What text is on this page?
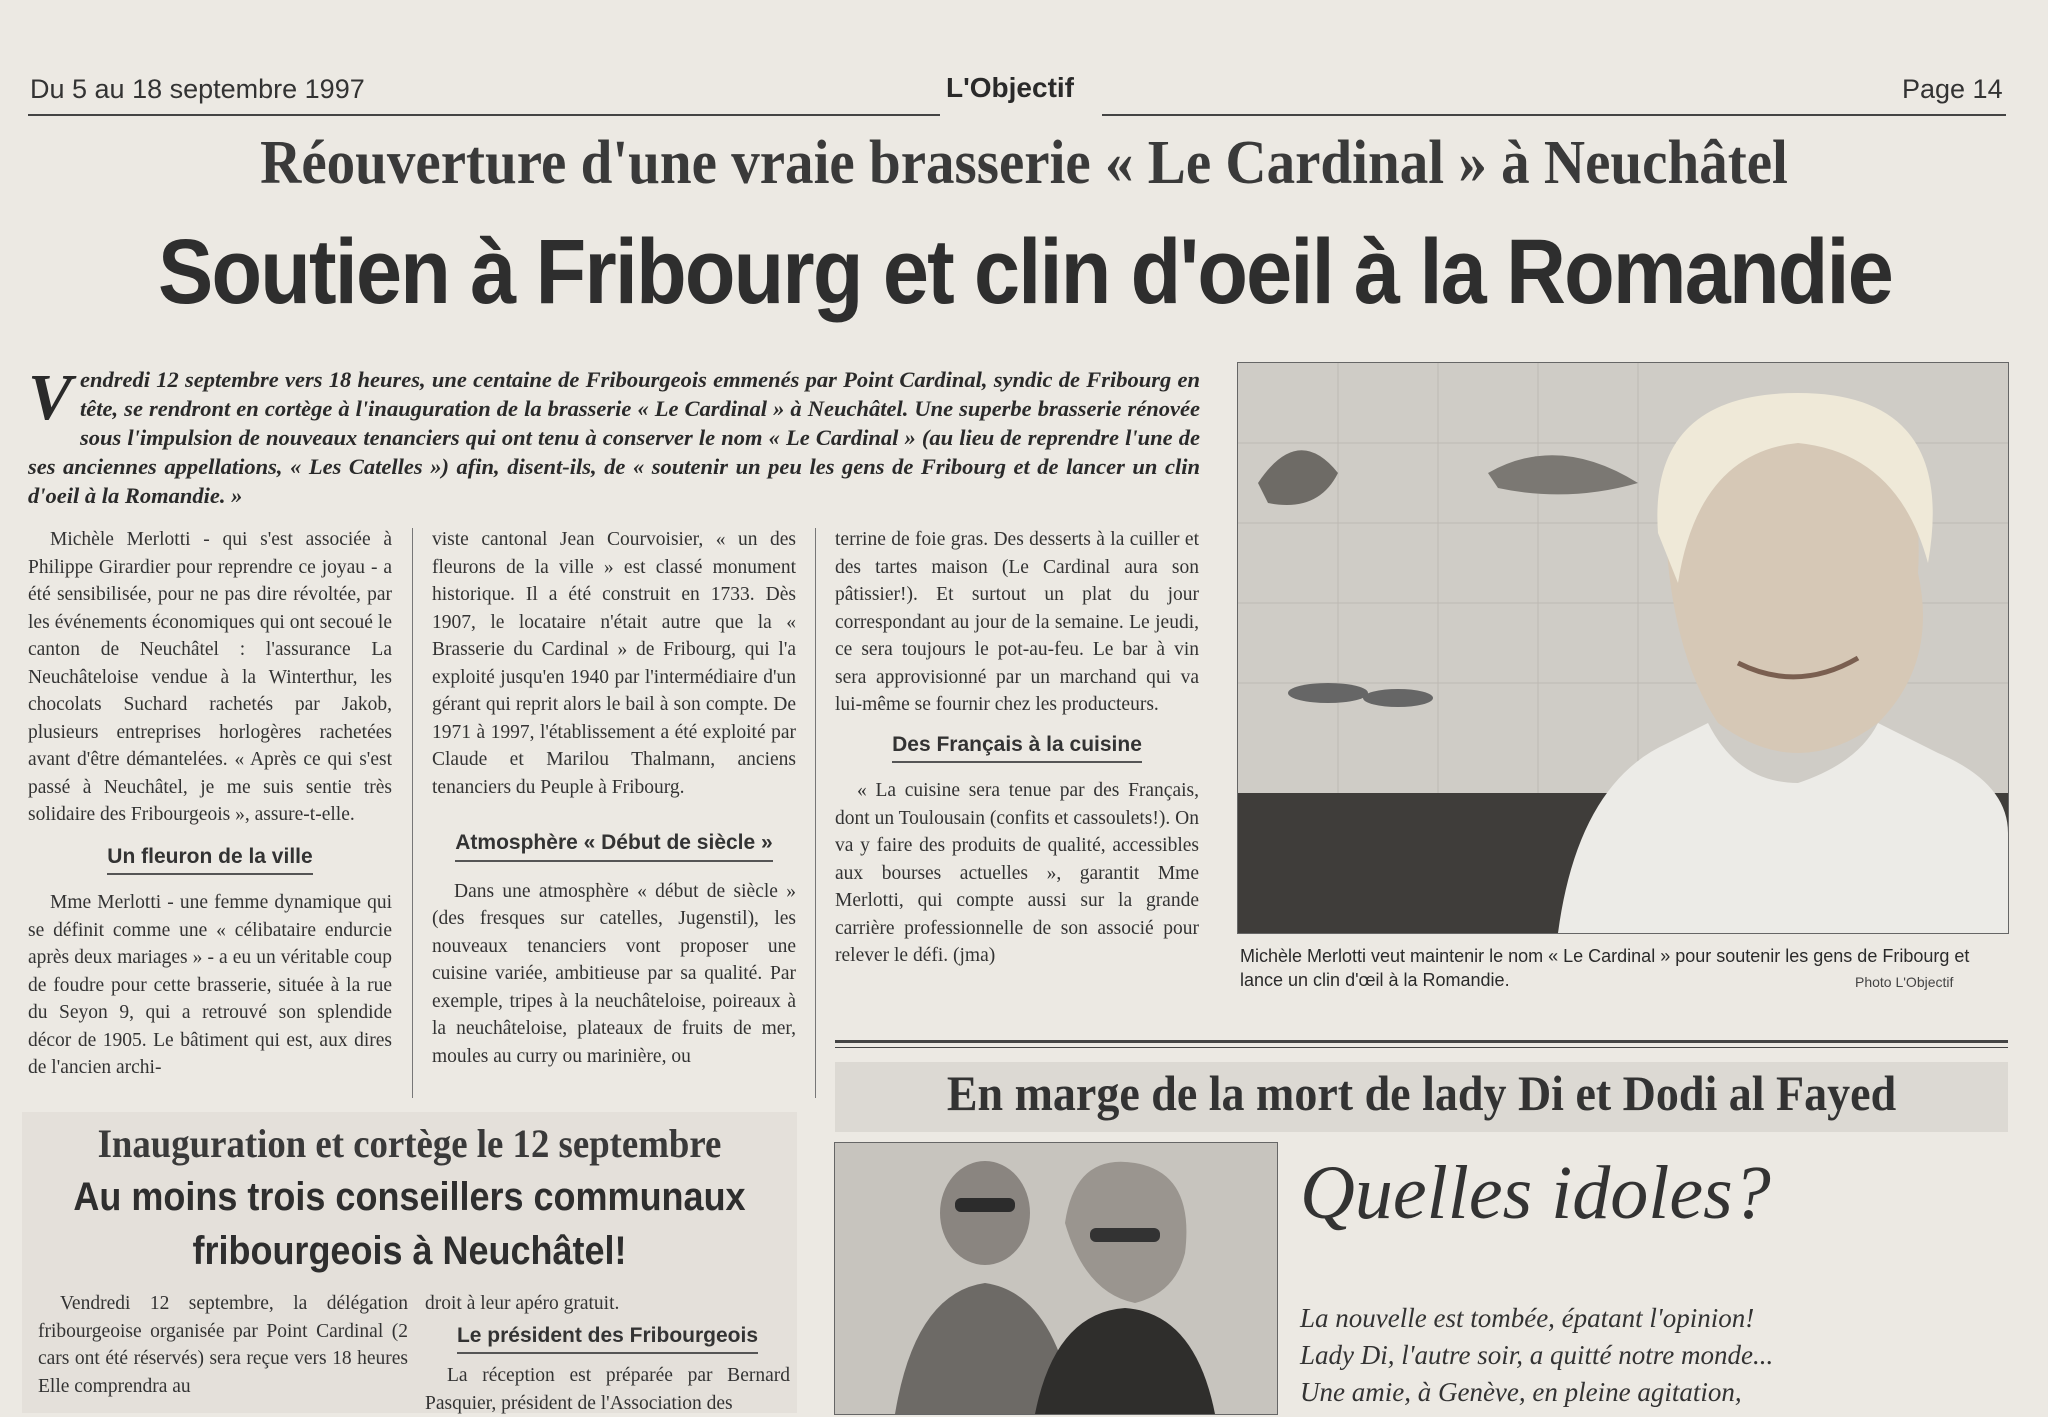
Du 5 au 18 septembre 1997	L'Objectif	Page 14
Réouverture d'une vraie brasserie « Le Cardinal » à Neuchâtel
Soutien à Fribourg et clin d'oeil à la Romandie
Vendredi 12 septembre vers 18 heures, une centaine de Fribourgeois emmenés par Point Cardinal, syndic de Fribourg en tête, se rendront en cortège à l'inauguration de la brasserie « Le Cardinal » à Neuchâtel. Une superbe brasserie rénovée sous l'impulsion de nouveaux tenanciers qui ont tenu à conserver le nom « Le Cardinal » (au lieu de reprendre l'une de ses anciennes appellations, « Les Catelles ») afin, disent-ils, de « soutenir un peu les gens de Fribourg et de lancer un clin d'oeil à la Romandie. »

Michèle Merlotti - qui s'est associée à Philippe Girardier pour reprendre ce joyau - a été sensibilisée, pour ne pas dire révoltée, par les événements économiques qui ont secoué le canton de Neuchâtel : l'assurance La Neuchâteloise vendue à la Winterthur, les chocolats Suchard rachetés par Jakob, plusieurs entreprises horlogères rachetées avant d'être démantelées. « Après ce qui s'est passé à Neuchâtel, je me suis sentie très solidaire des Fribourgeois », assure-t-elle.

Un fleuron de la ville

Mme Merlotti - une femme dynamique qui se définit comme une « célibataire endurcie après deux mariages » - a eu un véritable coup de foudre pour cette brasserie, située à la rue du Seyon 9, qui a retrouvé son splendide décor de 1905. Le bâtiment qui est, aux dires de l'ancien archi-

viste cantonal Jean Courvoisier, « un des fleurons de la ville » est classé monument historique. Il a été construit en 1733. Dès 1907, le locataire n'était autre que la « Brasserie du Cardinal » de Fribourg, qui l'a exploité jusqu'en 1940 par l'intermédiaire d'un gérant qui reprit alors le bail à son compte. De 1971 à 1997, l'établissement a été exploité par Claude et Marilou Thalmann, anciens tenanciers du Peuple à Fribourg.

Atmosphère « Début de siècle »

Dans une atmosphère « début de siècle » (des fresques sur catelles, Jugenstil), les nouveaux tenanciers vont proposer une cuisine variée, ambitieuse par sa qualité. Par exemple, tripes à la neuchâteloise, poireaux à la neuchâteloise, plateaux de fruits de mer, moules au curry ou marinière, ou

terrine de foie gras. Des desserts à la cuiller et des tartes maison (Le Cardinal aura son pâtissier!). Et surtout un plat du jour correspondant au jour de la semaine. Le jeudi, ce sera toujours le pot-au-feu. Le bar à vin sera approvisionné par un marchand qui va lui-même se fournir chez les producteurs.

Des Français à la cuisine

« La cuisine sera tenue par des Français, dont un Toulousain (confits et cassoulets!). On va y faire des produits de qualité, accessibles aux bourses actuelles », garantit Mme Merlotti, qui compte aussi sur la grande carrière professionnelle de son associé pour relever le défi. (jma)	Michèle Merlotti veut maintenir le nom « Le Cardinal » pour soutenir les gens de Fribourg et lance un clin d'œil à la Romandie.	Photo L'Objectif
Inauguration et cortège le 12 septembre
Au moins trois conseillers communaux
fribourgeois à Neuchâtel!

Vendredi 12 septembre, la délégation fribourgeoise organisée par Point Cardinal (2 cars ont été réservés) sera reçue vers 18 heures Elle comprendra au

droit à leur apéro gratuit.

Le président des Fribourgeois

La réception est préparée par Bernard Pasquier, président de l'Association des

En marge de la mort de lady Di et Dodi al Fayed
Quelles idoles?
La nouvelle est tombée, épatant l'opinion!
Lady Di, l'autre soir, a quitté notre monde...
Une amie, à Genève, en pleine agitation,
